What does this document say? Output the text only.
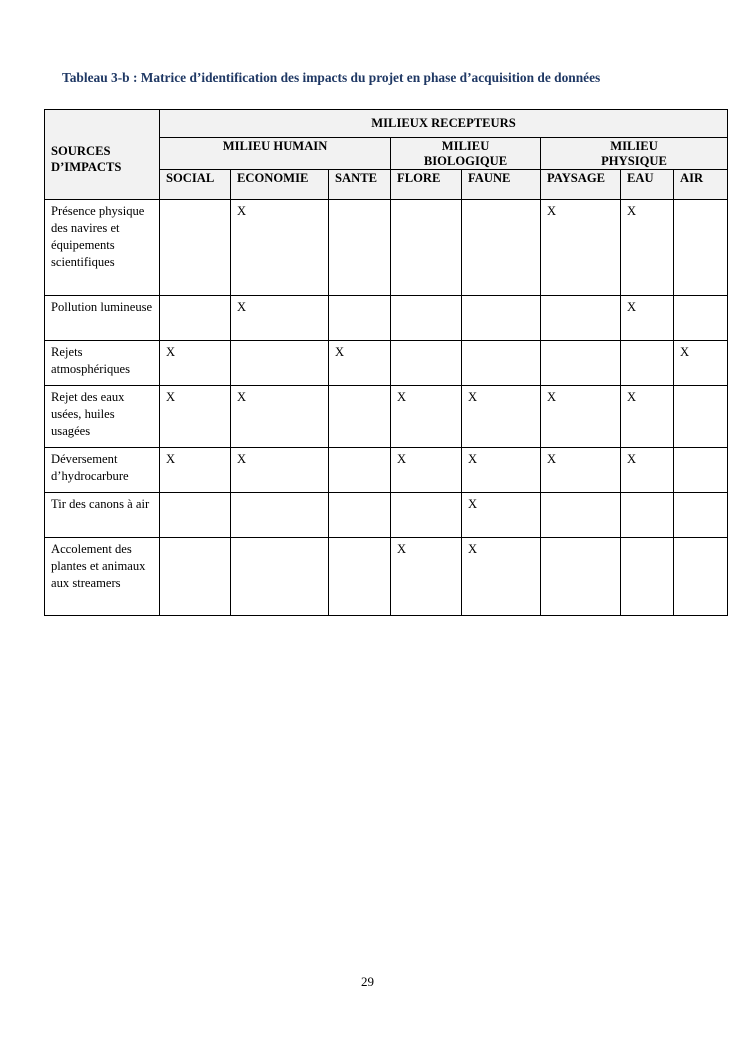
Tableau 3-b : Matrice d’identification des impacts du projet en phase d’acquisition de données
SOURCES D’IMPACTS	MILIEUX RECEPTEURS							
	MILIEU HUMAIN			MILIEU BIOLOGIQUE		MILIEU PHYSIQUE		
	SOCIAL	ECONOMIE	SANTE	FLORE	FAUNE	PAYSAGE	EAU	AIR
Présence physique des navires et équipements scientifiques		X				X	X	
Pollution lumineuse		X					X	
Rejets atmosphériques	X		X					X
Rejet des eaux usées, huiles usagées	X	X		X	X	X	X	
Déversement d’hydrocarbure	X	X		X	X	X	X	
Tir des canons à air					X			
Accolement des plantes et animaux aux streamers				X	X			
29
